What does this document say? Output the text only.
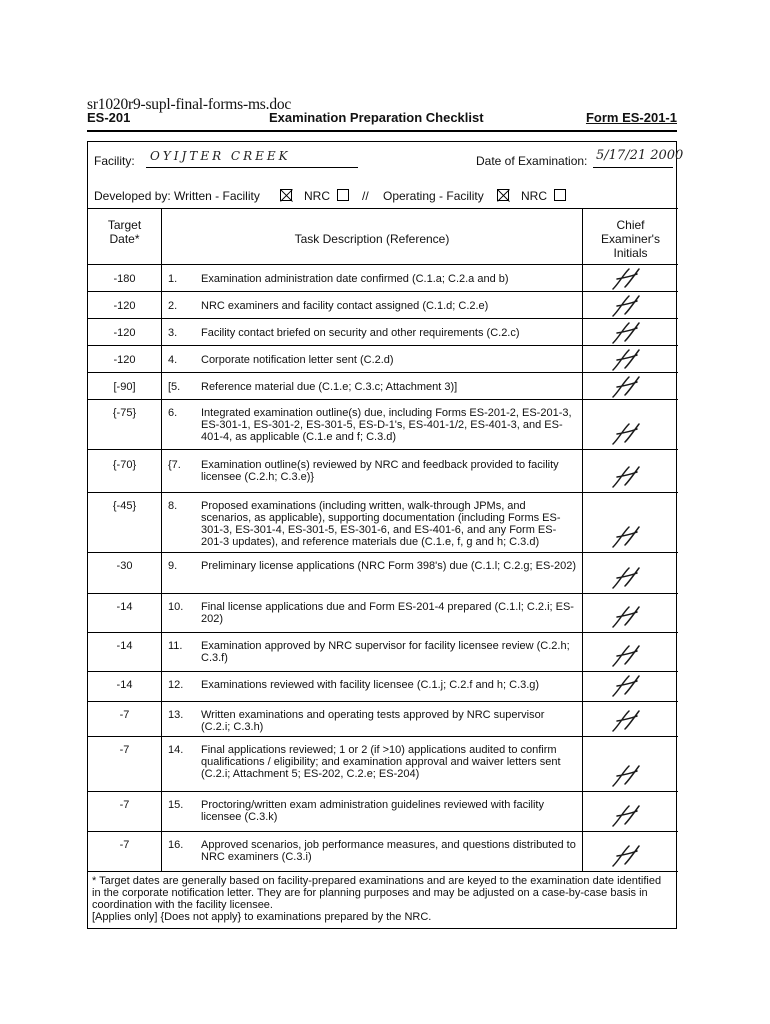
sr1020r9-supl-final-forms-ms.doc
ES-201	Examination Preparation Checklist	Form ES-201-1
Facility: OYIJTER CREEK	Date of Examination: 5/17/21 2000
Developed by: Written - Facility	NRC	// Operating - Facility	NRC
Target
Date*	Task Description (Reference)
Chief
Examiner's
Initials
-180	1. Examination administration date confirmed (C.1.a; C.2.a and b)
-120	2. NRC examiners and facility contact assigned (C.1.d; C.2.e)
-120	3. Facility contact briefed on security and other requirements (C.2.c)
-120	4. Corporate notification letter sent (C.2.d)
[-90]	[5. Reference material due (C.1.e; C.3.c; Attachment 3)]
{-75}	6. Integrated examination outline(s) due, including Forms ES-201-2, ES-201-3, ES-301-1, ES-301-2, ES-301-5, ES-D-1's, ES-401-1/2, ES-401-3, and ES-401-4, as applicable (C.1.e and f; C.3.d)
{-70}	{7. Examination outline(s) reviewed by NRC and feedback provided to facility licensee (C.2.h; C.3.e)}
{-45}	8. Proposed examinations (including written, walk-through JPMs, and scenarios, as applicable), supporting documentation (including Forms ES-301-3, ES-301-4, ES-301-5, ES-301-6, and ES-401-6, and any Form ES-201-3 updates), and reference materials due (C.1.e, f, g and h; C.3.d)
-30	9. Preliminary license applications (NRC Form 398's) due (C.1.l; C.2.g; ES-202)
-14	10. Final license applications due and Form ES-201-4 prepared (C.1.l; C.2.i; ES-202)
-14	11. Examination approved by NRC supervisor for facility licensee review (C.2.h; C.3.f)
-14	12. Examinations reviewed with facility licensee (C.1.j; C.2.f and h; C.3.g)
-7	13. Written examinations and operating tests approved by NRC supervisor (C.2.i; C.3.h)
-7	14. Final applications reviewed; 1 or 2 (if >10) applications audited to confirm qualifications / eligibility; and examination approval and waiver letters sent (C.2.i; Attachment 5; ES-202, C.2.e; ES-204)
-7	15. Proctoring/written exam administration guidelines reviewed with facility licensee (C.3.k)
-7	16. Approved scenarios, job performance measures, and questions distributed to NRC examiners (C.3.i)
* Target dates are generally based on facility-prepared examinations and are keyed to the examination date identified in the corporate notification letter. They are for planning purposes and may be adjusted on a case-by-case basis in coordination with the facility licensee.
[Applies only] {Does not apply} to examinations prepared by the NRC.
